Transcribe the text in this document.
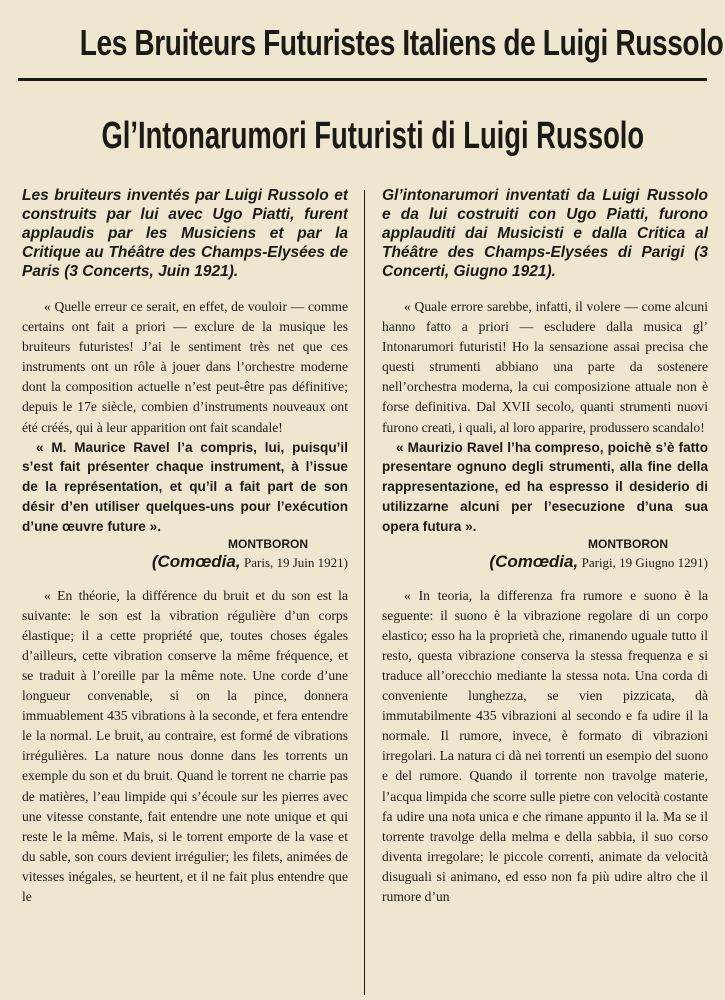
Les Bruiteurs Futuristes Italiens de Luigi Russolo
Gl’Intonarumori Futuristi di Luigi Russolo

Les bruiteurs inventés par Luigi Russolo et construits par lui avec Ugo Piatti, furent applaudis par les Musiciens et par la Critique au Théâtre des Champs-Elysées de Paris (3 Concerts, Juin 1921).

« Quelle erreur ce serait, en effet, de vouloir — comme certains ont fait a priori — exclure de la musique les bruiteurs futuristes! J’ai le sentiment très net que ces instruments ont un rôle à jouer dans l’orchestre moderne dont la composition actuelle n’est peut-être pas définitive; depuis le 17e siècle, combien d’instruments nouveaux ont été créés, qui à leur apparition ont fait scandale!

« M. Maurice Ravel l’a compris, lui, puisqu’il s’est fait présenter chaque instrument, à l’issue de la représentation, et qu’il a fait part de son désir d’en utiliser quelques-uns pour l’exécution d’une œuvre future ».

MONTBORON

(Comœdia, Paris, 19 Juin 1921)

« En théorie, la différence du bruit et du son est la suivante: le son est la vibration régulière d’un corps élastique; il a cette propriété que, toutes choses égales d’ailleurs, cette vibration conserve la même fréquence, et se traduit à l’oreille par la même note. Une corde d’une longueur convenable, si on la pince, donnera immuablement 435 vibrations à la seconde, et fera entendre le la normal. Le bruit, au contraire, est formé de vibrations irrégulières. La nature nous donne dans les torrents un exemple du son et du bruit. Quand le torrent ne charrie pas de matières, l’eau limpide qui s’écoule sur les pierres avec une vitesse constante, fait entendre une note unique et qui reste le la même. Mais, si le torrent emporte de la vase et du sable, son cours devient irrégulier; les filets, animées de vitesses inégales, se heurtent, et il ne fait plus entendre que le

Gl’intonarumori inventati da Luigi Russolo e da lui costruiti con Ugo Piatti, furono applauditi dai Musicisti e dalla Critica al Théâtre des Champs-Elysées di Parigi (3 Concerti, Giugno 1921).

« Quale errore sarebbe, infatti, il volere — come alcuni hanno fatto a priori — escludere dalla musica gl’ Intonarumori futuristi! Ho la sensazione assai precisa che questi strumenti abbiano una parte da sostenere nell’orchestra moderna, la cui composizione attuale non è forse definitiva. Dal XVII secolo, quanti strumenti nuovi furono creati, i quali, al loro apparire, produssero scandalo!

« Maurizio Ravel l’ha compreso, poichè s’è fatto presentare ognuno degli strumenti, alla fine della rappresentazione, ed ha espresso il desiderio di utilizzarne alcuni per l’esecuzione d’una sua opera futura ».

MONTBORON

(Comœdia, Parigi, 19 Giugno 1291)

« In teoria, la differenza fra rumore e suono è la seguente: il suono è la vibrazione regolare di un corpo elastico; esso ha la proprietà che, rimanendo uguale tutto il resto, questa vibrazione conserva la stessa frequenza e si traduce all’orecchio mediante la stessa nota. Una corda di conveniente lunghezza, se vien pizzicata, dà immutabilmente 435 vibrazioni al secondo e fa udire il la normale. Il rumore, invece, è formato di vibrazioni irregolari. La natura ci dà nei torrenti un esempio del suono e del rumore. Quando il torrente non travolge materie, l’acqua limpida che scorre sulle pietre con velocità costante fa udire una nota unica e che rimane appunto il la. Ma se il torrente travolge della melma e della sabbia, il suo corso diventa irregolare; le piccole correnti, animate da velocità disuguali si animano, ed esso non fa più udire altro che il rumore d’un
